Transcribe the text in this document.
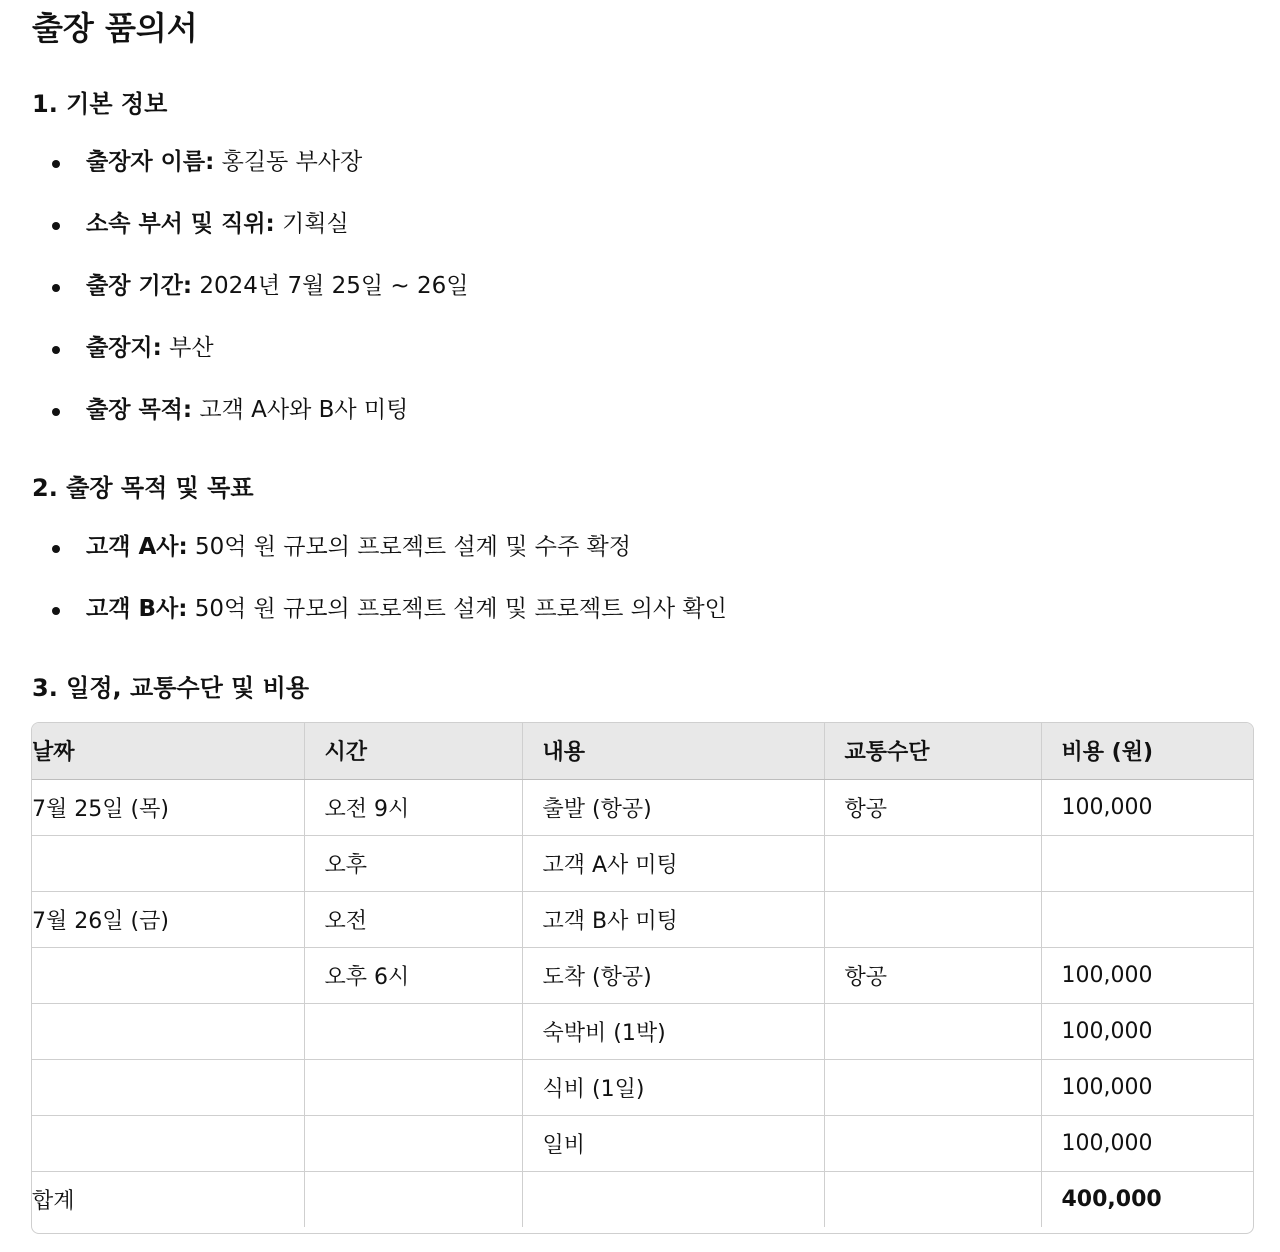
출장 품의서
1. 기본 정보
출장자 이름: 홍길동 부사장
소속 부서 및 직위: 기획실
출장 기간: 2024년 7월 25일 ~ 26일
출장지: 부산
출장 목적: 고객 A사와 B사 미팅
2. 출장 목적 및 목표
고객 A사: 50억 원 규모의 프로젝트 설계 및 수주 확정
고객 B사: 50억 원 규모의 프로젝트 설계 및 프로젝트 의사 확인
3. 일정, 교통수단 및 비용
날짜	시간	내용	교통수단	비용 (원)
7월 25일 (목)	오전 9시	출발 (항공)	항공	100,000
	오후	고객 A사 미팅		
7월 26일 (금)	오전	고객 B사 미팅		
	오후 6시	도착 (항공)	항공	100,000
		숙박비 (1박)		100,000
		식비 (1일)		100,000
		일비		100,000
합계				400,000
